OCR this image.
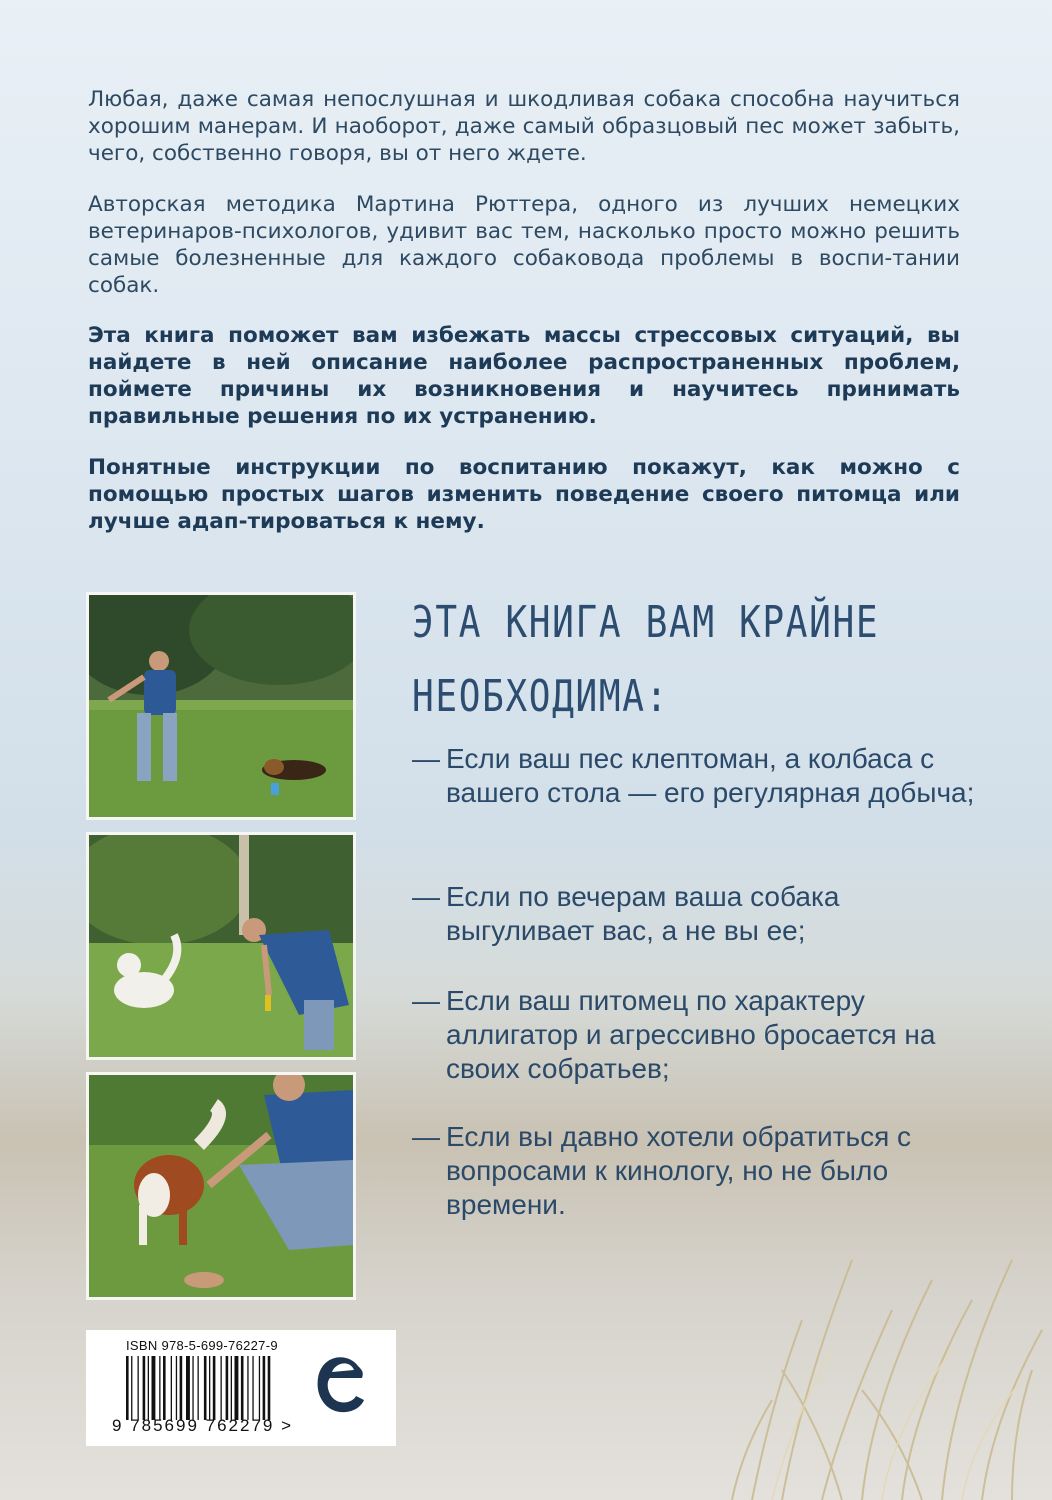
Любая, даже самая непослушная и шкодливая собака способна научиться хорошим манерам. И наоборот, даже самый образцовый пес может забыть, чего, собственно говоря, вы от него ждете.
Авторская методика Мартина Рюттера, одного из лучших немецких ветеринаров-психологов, удивит вас тем, насколько просто можно решить самые болезненные для каждого собаковода проблемы в воспи-тании собак.
Эта книга поможет вам избежать массы стрессовых ситуаций, вы найдете в ней описание наиболее распространенных проблем, поймете причины их возникновения и научитесь принимать правильные решения по их устранению.
Понятные инструкции по воспитанию покажут, как можно с помощью простых шагов изменить поведение своего питомца или лучше адап-тироваться к нему.
ЭТА КНИГА ВАМ КРАЙНЕ
НЕОБХОДИМА:
— Если ваш пес клептоман, а колбаса с вашего стола — его регулярная добыча;
— Если по вечерам ваша собака выгуливает вас, а не вы ее;
— Если ваш питомец по характеру аллигатор и агрессивно бросается на своих собратьев;
— Если вы давно хотели обратиться с вопросами к кинологу, но не было времени.
ISBN 978-5-699-76227-9
9 785699 762279 >
